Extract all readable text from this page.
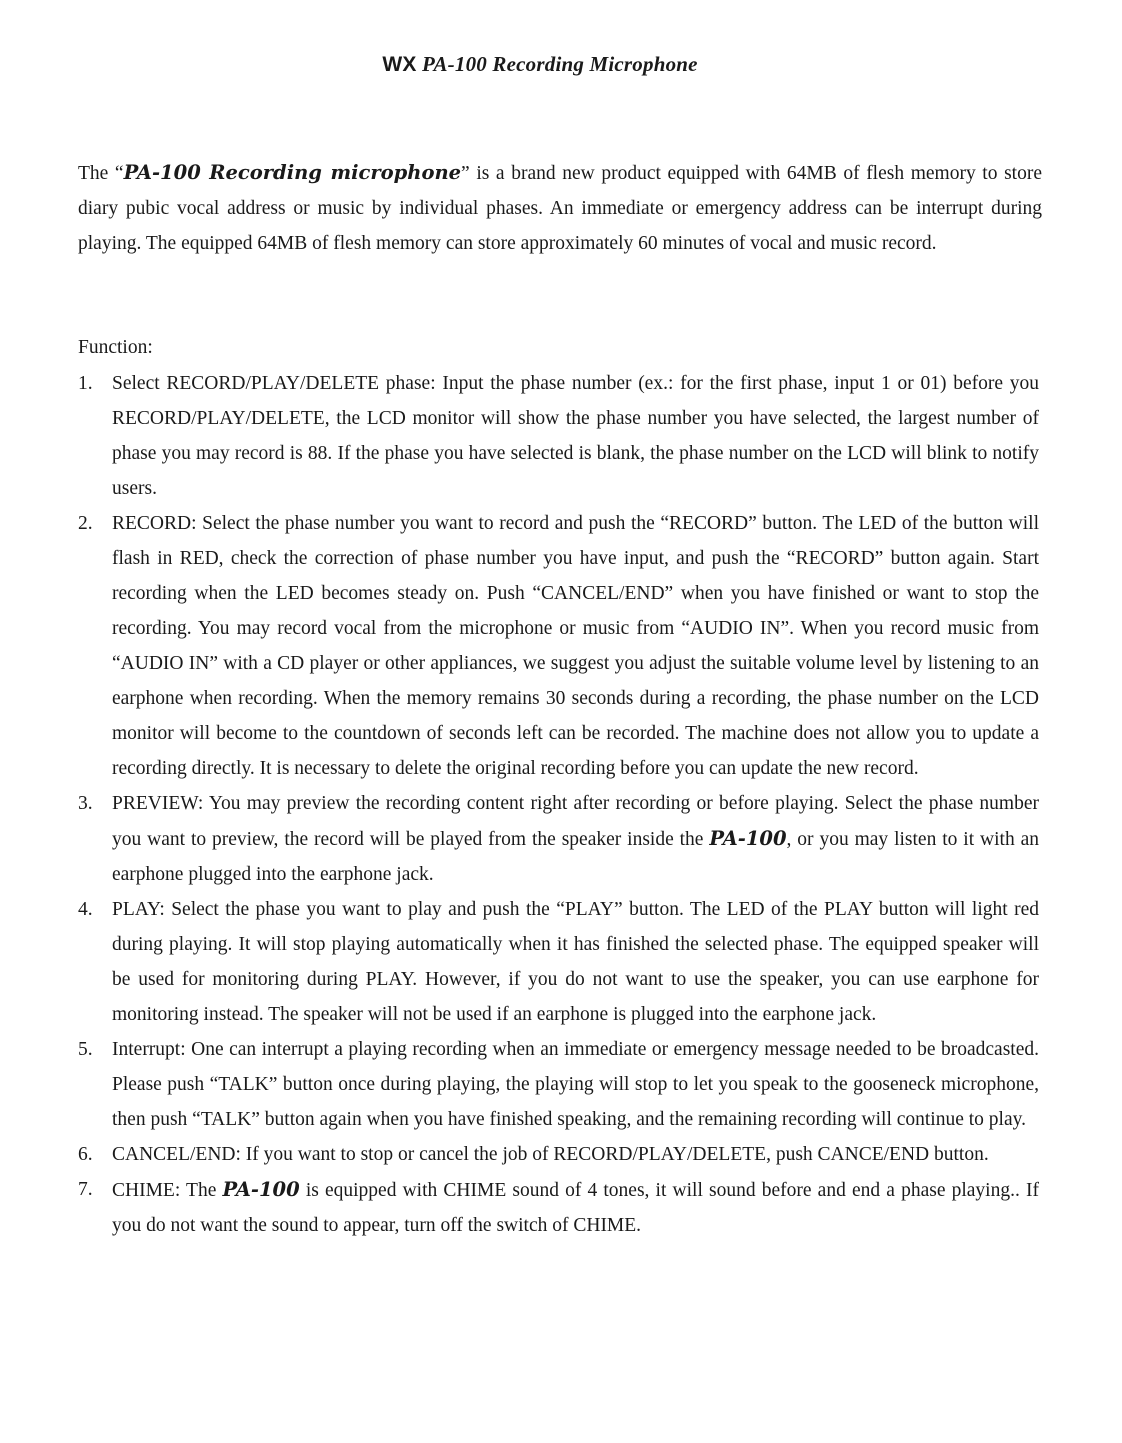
WX PA-100 Recording Microphone

The “PA-100 Recording microphone” is a brand new product equipped with 64MB of flesh memory to store diary pubic vocal address or music by individual phases. An immediate or emergency address can be interrupt during playing. The equipped 64MB of flesh memory can store approximately 60 minutes of vocal and music record.

Function:
1. Select RECORD/PLAY/DELETE phase: Input the phase number (ex.: for the first phase, input 1 or 01) before you RECORD/PLAY/DELETE, the LCD monitor will show the phase number you have selected, the largest number of phase you may record is 88. If the phase you have selected is blank, the phase number on the LCD will blink to notify users.
2. RECORD: Select the phase number you want to record and push the “RECORD” button. The LED of the button will flash in RED, check the correction of phase number you have input, and push the “RECORD” button again. Start recording when the LED becomes steady on. Push “CANCEL/END” when you have finished or want to stop the recording. You may record vocal from the microphone or music from “AUDIO IN”. When you record music from “AUDIO IN” with a CD player or other appliances, we suggest you adjust the suitable volume level by listening to an earphone when recording. When the memory remains 30 seconds during a recording, the phase number on the LCD monitor will become to the countdown of seconds left can be recorded. The machine does not allow you to update a recording directly. It is necessary to delete the original recording before you can update the new record.
3. PREVIEW: You may preview the recording content right after recording or before playing. Select the phase number you want to preview, the record will be played from the speaker inside the PA-100, or you may listen to it with an earphone plugged into the earphone jack.
4. PLAY: Select the phase you want to play and push the “PLAY” button. The LED of the PLAY button will light red during playing. It will stop playing automatically when it has finished the selected phase. The equipped speaker will be used for monitoring during PLAY. However, if you do not want to use the speaker, you can use earphone for monitoring instead. The speaker will not be used if an earphone is plugged into the earphone jack.
5. Interrupt: One can interrupt a playing recording when an immediate or emergency message needed to be broadcasted. Please push “TALK” button once during playing, the playing will stop to let you speak to the gooseneck microphone, then push “TALK” button again when you have finished speaking, and the remaining recording will continue to play.
6. CANCEL/END: If you want to stop or cancel the job of RECORD/PLAY/DELETE, push CANCE/END button.
7. CHIME: The PA-100 is equipped with CHIME sound of 4 tones, it will sound before and end a phase playing.. If you do not want the sound to appear, turn off the switch of CHIME.
